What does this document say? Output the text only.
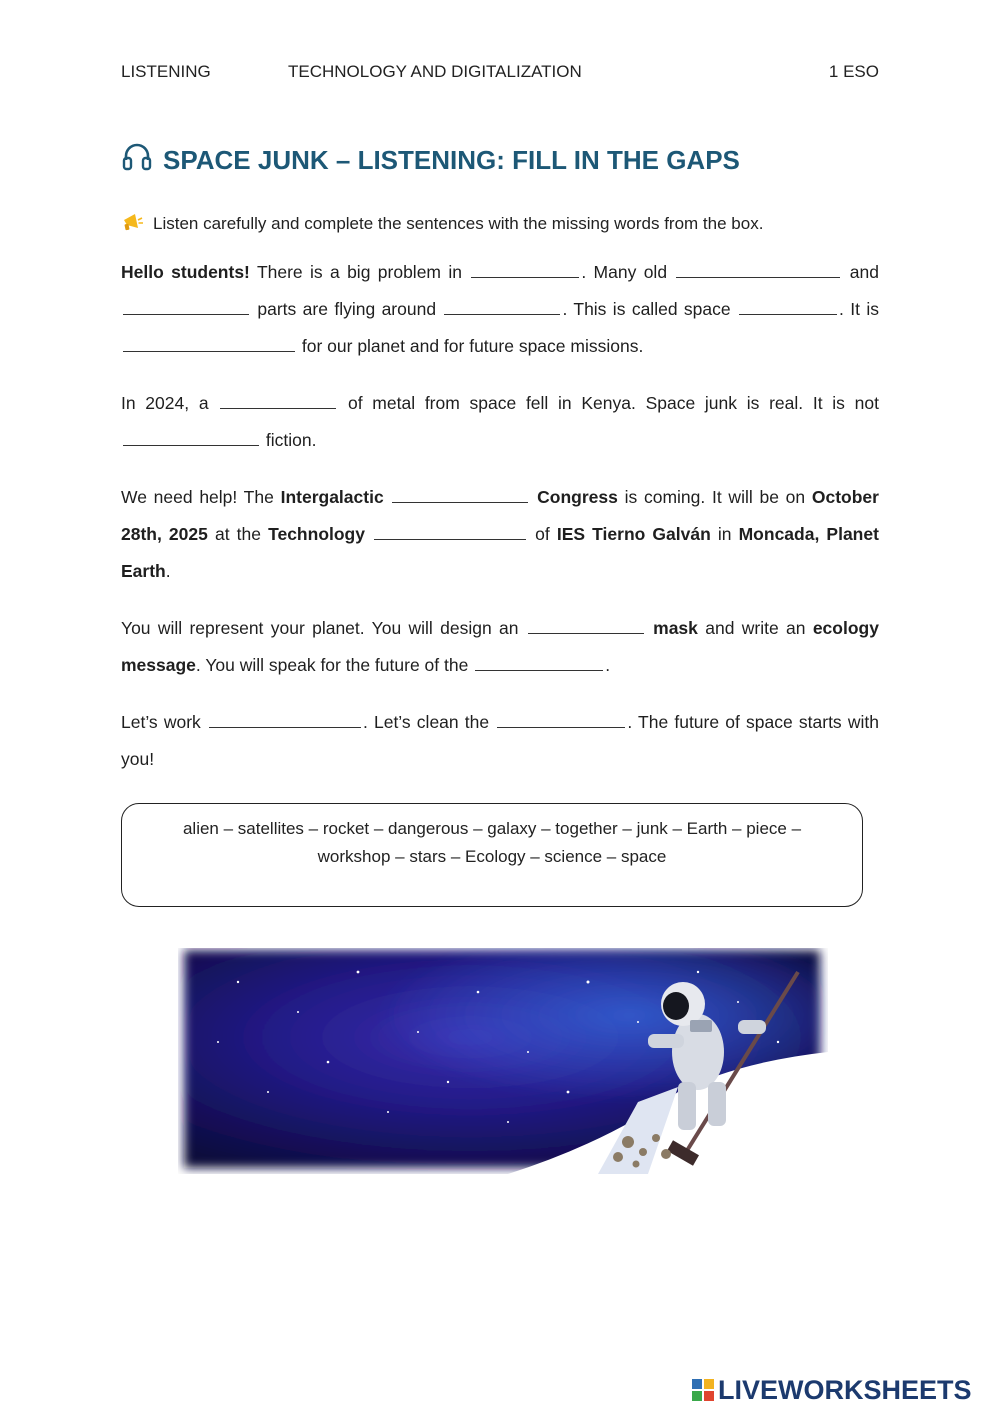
LISTENING	TECHNOLOGY AND DIGITALIZATION	1 ESO
SPACE JUNK – LISTENING: FILL IN THE GAPS
Listen carefully and complete the sentences with the missing words from the box.
Hello students! There is a big problem in	. Many old	and  parts are flying around	. This is called space	. It is  for our planet and for future space missions.
In 2024, a	of metal from space fell in Kenya. Space junk is real. It is not  fiction.
We need help! The Intergalactic	Congress is coming. It will be on October 28th, 2025 at the Technology	of IES Tierno Galván in Moncada, Planet Earth.
You will represent your planet. You will design an	mask and write an ecology message. You will speak for the future of the	.
Let’s work	. Let’s clean the	. The future of space starts with you!
alien – satellites – rocket – dangerous – galaxy – together – junk – Earth – piece –
workshop – stars – Ecology – science – space
LIVEWORKSHEETS
